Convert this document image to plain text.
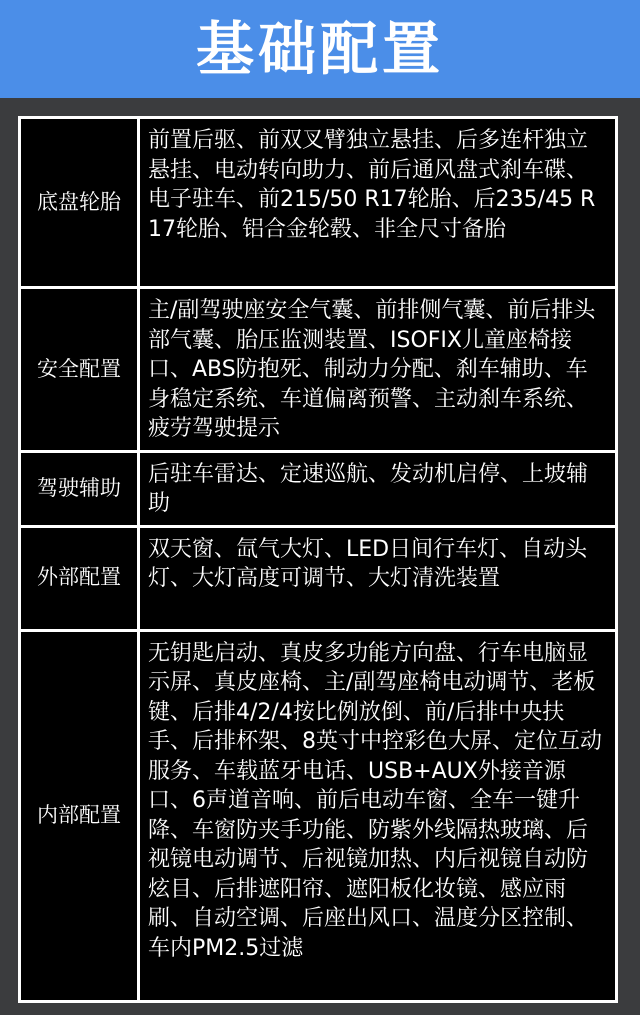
基础配置
底盘轮胎	前置后驱、前双叉臂独立悬挂、后多连杆独立悬挂、电动转向助力、前后通风盘式刹车碟、电子驻车、前215/50 R17轮胎、后235/45 R17轮胎、铝合金轮毂、非全尺寸备胎
安全配置	主/副驾驶座安全气囊、前排侧气囊、前后排头部气囊、胎压监测装置、ISOFIX儿童座椅接口、ABS防抱死、制动力分配、刹车辅助、车身稳定系统、车道偏离预警、主动刹车系统、疲劳驾驶提示
驾驶辅助	后驻车雷达、定速巡航、发动机启停、上坡辅助
外部配置	双天窗、氙气大灯、LED日间行车灯、自动头灯、大灯高度可调节、大灯清洗装置
内部配置	无钥匙启动、真皮多功能方向盘、行车电脑显示屏、真皮座椅、主/副驾座椅电动调节、老板键、后排4/2/4按比例放倒、前/后排中央扶手、后排杯架、8英寸中控彩色大屏、定位互动服务、车载蓝牙电话、USB+AUX外接音源口、6声道音响、前后电动车窗、全车一键升降、车窗防夹手功能、防紫外线隔热玻璃、后视镜电动调节、后视镜加热、内后视镜自动防炫目、后排遮阳帘、遮阳板化妆镜、感应雨刷、自动空调、后座出风口、温度分区控制、车内PM2.5过滤
